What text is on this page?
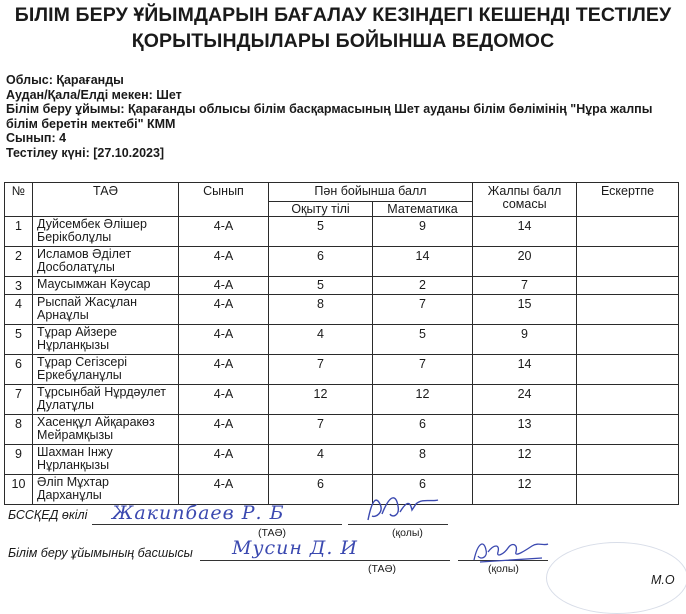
БІЛІМ БЕРУ ҰЙЫМДАРЫН БАҒАЛАУ КЕЗІНДЕГІ КЕШЕНДІ ТЕСТІЛЕУ
ҚОРЫТЫНДЫЛАРЫ БОЙЫНША ВЕДОМОС
Облыс: Қарағанды
Аудан/Қала/Елді мекен: Шет
Білім беру ұйымы: Қарағанды облысы білім басқармасының Шет ауданы білім бөлімінің "Нұра жалпы білім беретін мектебі" КММ
Сынып: 4
Тестілеу күні: [27.10.2023]
№	ТАӘ	Сынып	Пән бойынша балл		Жалпы балл сомасы	Ескертпе
			Оқыту тілі	Математика		
1	Дуйсембек Әлішер Берікболұлы	4-А	5	9	14	
2	Исламов Әділет Досболатұлы	4-А	6	14	20	
3	Маусымжан Кәусар	4-А	5	2	7	
4	Рыспай Жасұлан Арнаұлы	4-А	8	7	15	
5	Тұрар Айзере Нұрланқызы	4-А	4	5	9	
6	Тұрар Сегізсері Еркебұланұлы	4-А	7	7	14	
7	Тұрсынбай Нұрдәулет Дулатұлы	4-А	12	12	24	
8	Хасенқұл Айқаракөз Мейрамқызы	4-А	7	6	13	
9	Шахман Інжу Нұрланқызы	4-А	4	8	12	
10	Әліп Мұхтар Дарханұлы	4-А	6	6	12	
БССҚЕД өкілі Жакипбаев Р. Б
(ТАӘ)	(қолы)
Білім беру ұйымының басшысы Мусин Д. И
(ТАӘ)	(қолы)
М.О
